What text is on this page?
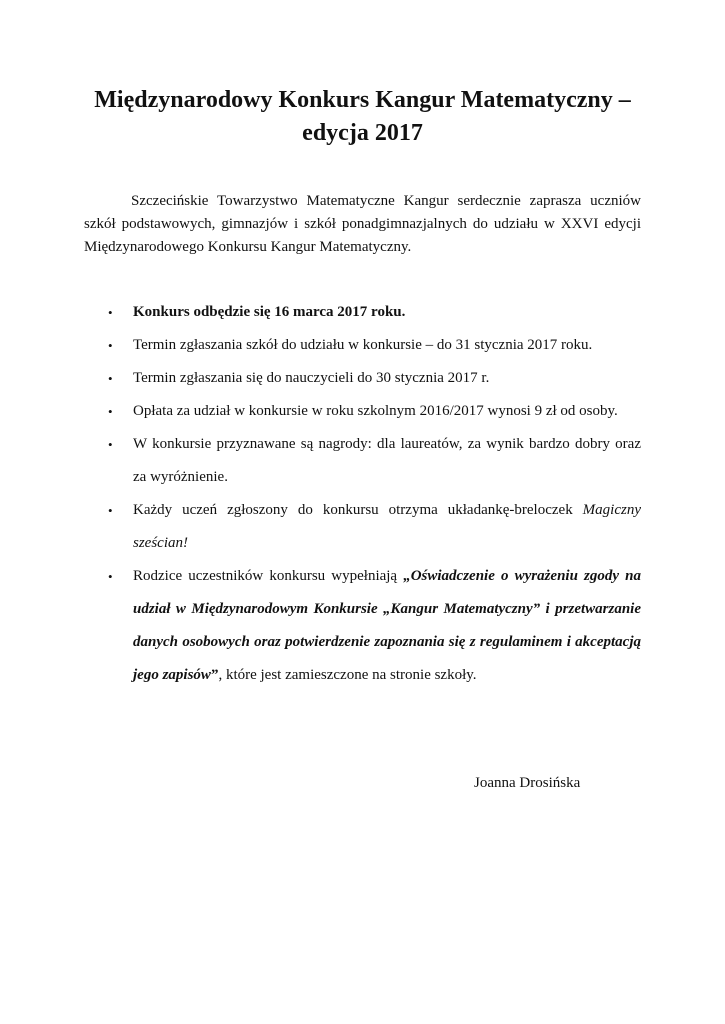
Międzynarodowy Konkurs Kangur Matematyczny –
edycja 2017

Szczecińskie Towarzystwo Matematyczne Kangur serdecznie zaprasza uczniów szkół podstawowych, gimnazjów i szkół ponadgimnazjalnych do udziału w XXVI edycji Międzynarodowego Konkursu Kangur Matematyczny.

• Konkurs odbędzie się 16 marca 2017 roku.
• Termin zgłaszania szkół do udziału w konkursie – do 31 stycznia 2017 roku.
• Termin zgłaszania się do nauczycieli do 30 stycznia 2017 r.
• Opłata za udział w konkursie w roku szkolnym 2016/2017 wynosi 9 zł od osoby.
• W konkursie przyznawane są nagrody: dla laureatów, za wynik bardzo dobry oraz za wyróżnienie.
• Każdy uczeń zgłoszony do konkursu otrzyma układankę-breloczek Magiczny sześcian!
• Rodzice uczestników konkursu wypełniają „Oświadczenie o wyrażeniu zgody na udział w Międzynarodowym Konkursie „Kangur Matematyczny” i przetwarzanie danych osobowych oraz potwierdzenie zapoznania się z regulaminem i akceptacją jego zapisów”, które jest zamieszczone na stronie szkoły.

Joanna Drosińska
